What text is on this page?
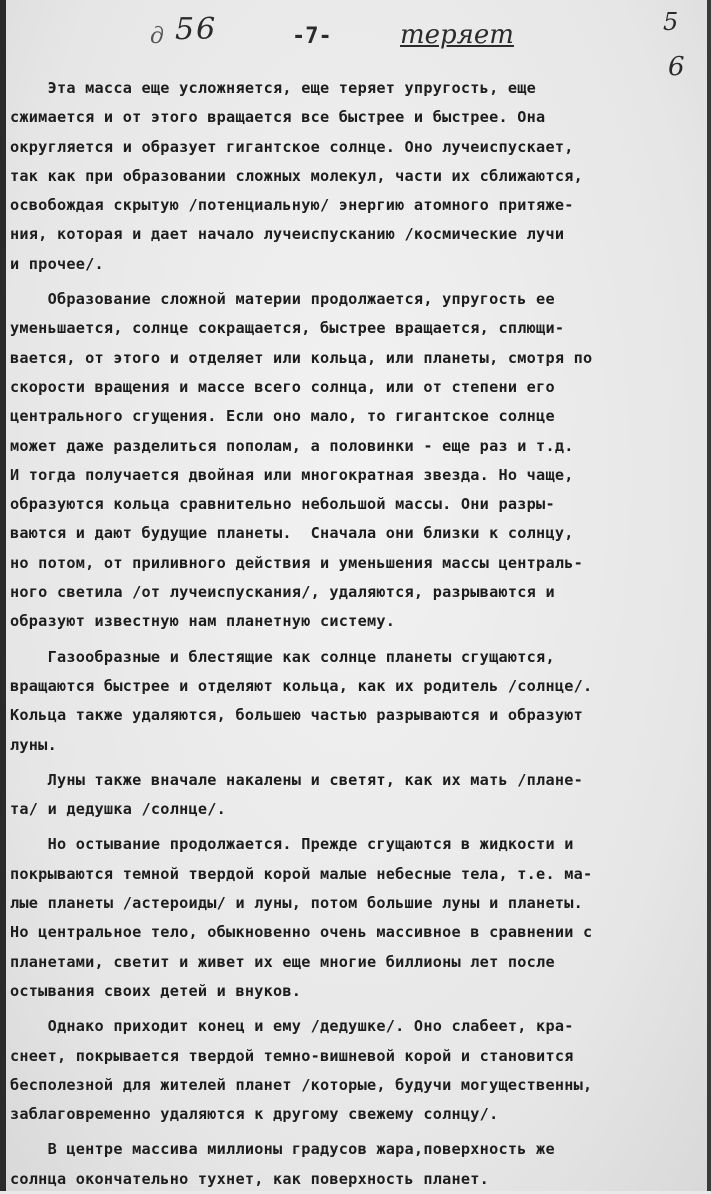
д 56	-7-	теряет	5
6
Эта масса еще усложняется, еще теряет упругость, еще
сжимается и от этого вращается все быстрее и быстрее. Она
округляется и образует гигантское солнце. Оно лучеиспускает,
так как при образовании сложных молекул, части их сближаются,
освобождая скрытую /потенциальную/ энергию атомного притяже-
ния, которая и дает начало лучеиспусканию /космические лучи
и прочее/.
Образование сложной материи продолжается, упругость ее
уменьшается, солнце сокращается, быстрее вращается, сплющи-
вается, от этого и отделяет или кольца, или планеты, смотря по
скорости вращения и массе всего солнца, или от степени его
центрального сгущения. Если оно мало, то гигантское солнце
может даже разделиться пополам, а половинки - еще раз и т.д.
И тогда получается двойная или многократная звезда. Но чаще,
образуются кольца сравнительно небольшой массы. Они разры-
ваются и дают будущие планеты.  Сначала они близки к солнцу,
но потом, от приливного действия и уменьшения массы централь-
ного светила /от лучеиспускания/, удаляются, разрываются и
образуют известную нам планетную систему.
Газообразные и блестящие как солнце планеты сгущаются,
вращаются быстрее и отделяют кольца, как их родитель /солнце/.
Кольца также удаляются, большею частью разрываются и образуют
луны.
Луны также вначале накалены и светят, как их мать /плане-
та/ и дедушка /солнце/.
Но остывание продолжается. Прежде сгущаются в жидкости и
покрываются темной твердой корой малые небесные тела, т.е. ма-
лые планеты /астероиды/ и луны, потом большие луны и планеты.
Но центральное тело, обыкновенно очень массивное в сравнении с
планетами, светит и живет их еще многие биллионы лет после
остывания своих детей и внуков.
Однако приходит конец и ему /дедушке/. Оно слабеет, кра-
снеет, покрывается твердой темно-вишневой корой и становится
бесполезной для жителей планет /которые, будучи могущественны,
заблаговременно удаляются к другому свежему солнцу/.
В центре массива миллионы градусов жара,поверхность же
солнца окончательно тухнет, как поверхность планет.
